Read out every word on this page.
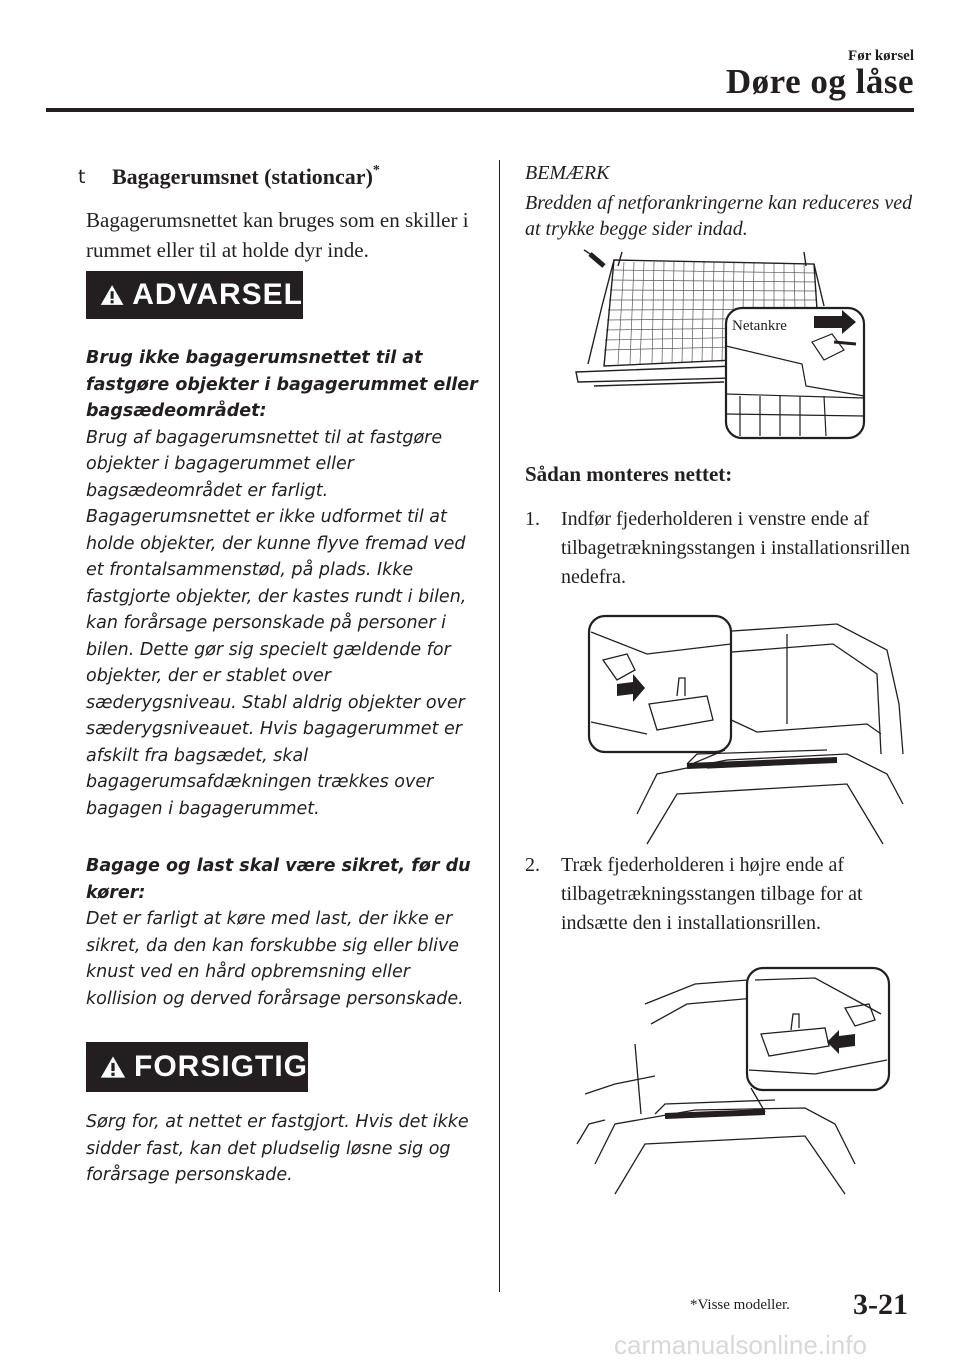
Før kørsel
Døre og låse
t Bagagerumsnet (stationcar)*
Bagagerumsnettet kan bruges som en skiller i rummet eller til at holde dyr inde.
ADVARSEL
Brug ikke bagagerumsnettet til at fastgøre objekter i bagagerummet eller bagsædeområdet:
Brug af bagagerumsnettet til at fastgøre objekter i bagagerummet eller bagsædeområdet er farligt. Bagagerumsnettet er ikke udformet til at holde objekter, der kunne flyve fremad ved et frontalsammenstød, på plads. Ikke fastgjorte objekter, der kastes rundt i bilen, kan forårsage personskade på personer i bilen. Dette gør sig specielt gældende for objekter, der er stablet over sæderygsniveau. Stabl aldrig objekter over sæderygsniveauet. Hvis bagagerummet er afskilt fra bagsædet, skal bagagerumsafdækningen trækkes over bagagen i bagagerummet.
Bagage og last skal være sikret, før du kører:
Det er farligt at køre med last, der ikke er sikret, da den kan forskubbe sig eller blive knust ved en hård opbremsning eller kollision og derved forårsage personskade.
FORSIGTIG
Sørg for, at nettet er fastgjort. Hvis det ikke sidder fast, kan det pludselig løsne sig og forårsage personskade.
BEMÆRK
Bredden af netforankringerne kan reduceres ved at trykke begge sider indad.
Netankre
Sådan monteres nettet:
1. Indfør fjederholderen i venstre ende af tilbagetrækningsstangen i installationsrillen nedefra.
2. Træk fjederholderen i højre ende af tilbagetrækningsstangen tilbage for at indsætte den i installationsrillen.
*Visse modeller. 3-21
carmanualsonline.info
